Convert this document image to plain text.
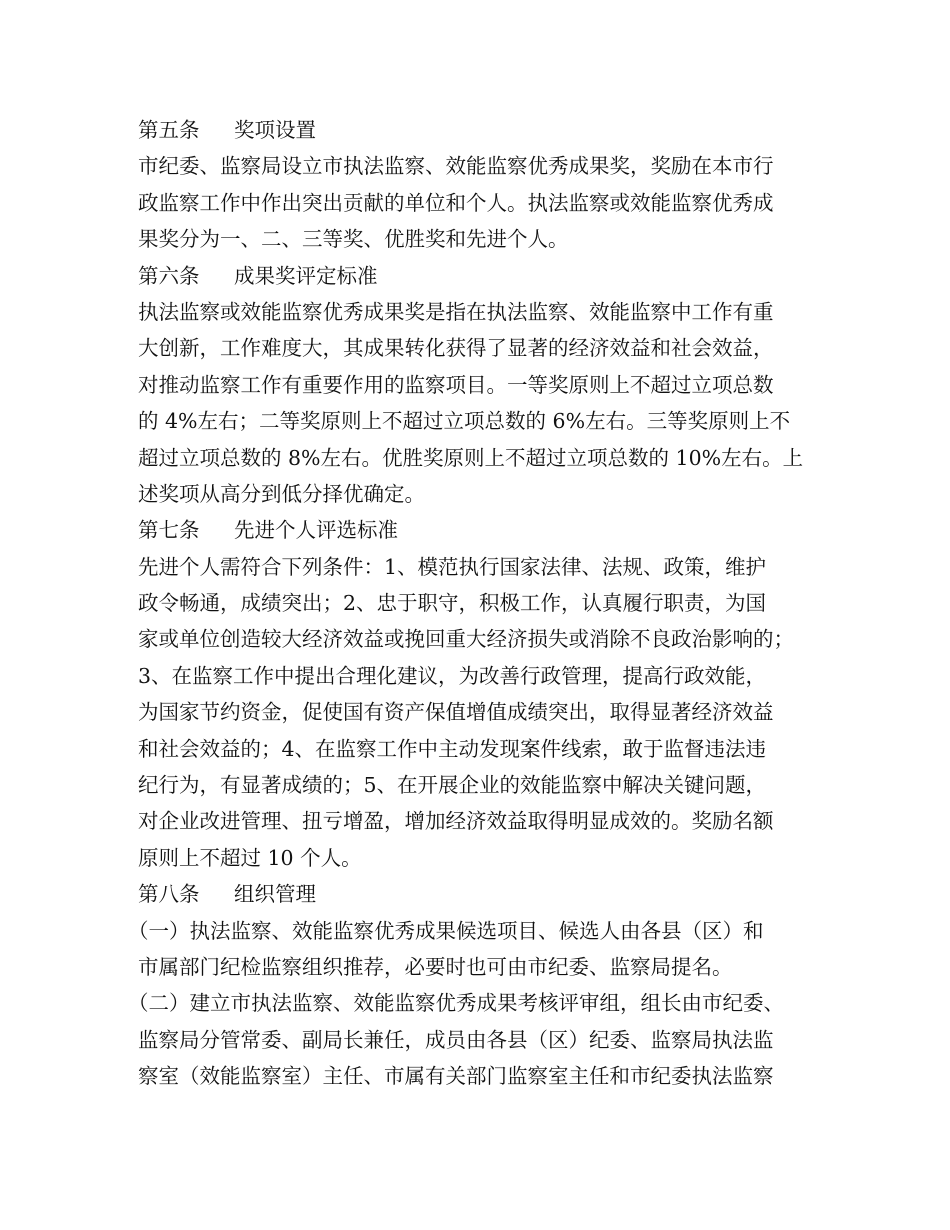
第五条 奖项设置
市纪委、监察局设立市执法监察、效能监察优秀成果奖，奖励在本市行
政监察工作中作出突出贡献的单位和个人。执法监察或效能监察优秀成
果奖分为一、二、三等奖、优胜奖和先进个人。
第六条 成果奖评定标准
执法监察或效能监察优秀成果奖是指在执法监察、效能监察中工作有重
大创新，工作难度大，其成果转化获得了显著的经济效益和社会效益，
对推动监察工作有重要作用的监察项目。一等奖原则上不超过立项总数
的 4%左右；二等奖原则上不超过立项总数的 6%左右。三等奖原则上不
超过立项总数的 8%左右。优胜奖原则上不超过立项总数的 10%左右。上
述奖项从高分到低分择优确定。
第七条 先进个人评选标准
先进个人需符合下列条件：1、模范执行国家法律、法规、政策，维护
政令畅通，成绩突出；2、忠于职守，积极工作，认真履行职责，为国
家或单位创造较大经济效益或挽回重大经济损失或消除不良政治影响的；
3、在监察工作中提出合理化建议，为改善行政管理，提高行政效能，
为国家节约资金，促使国有资产保值增值成绩突出，取得显著经济效益
和社会效益的；4、在监察工作中主动发现案件线索，敢于监督违法违
纪行为，有显著成绩的；5、在开展企业的效能监察中解决关键问题，
对企业改进管理、扭亏增盈，增加经济效益取得明显成效的。奖励名额
原则上不超过 10 个人。
第八条 组织管理
（一）执法监察、效能监察优秀成果候选项目、候选人由各县（区）和
市属部门纪检监察组织推荐，必要时也可由市纪委、监察局提名。
（二）建立市执法监察、效能监察优秀成果考核评审组，组长由市纪委、
监察局分管常委、副局长兼任，成员由各县（区）纪委、监察局执法监
察室（效能监察室）主任、市属有关部门监察室主任和市纪委执法监察
